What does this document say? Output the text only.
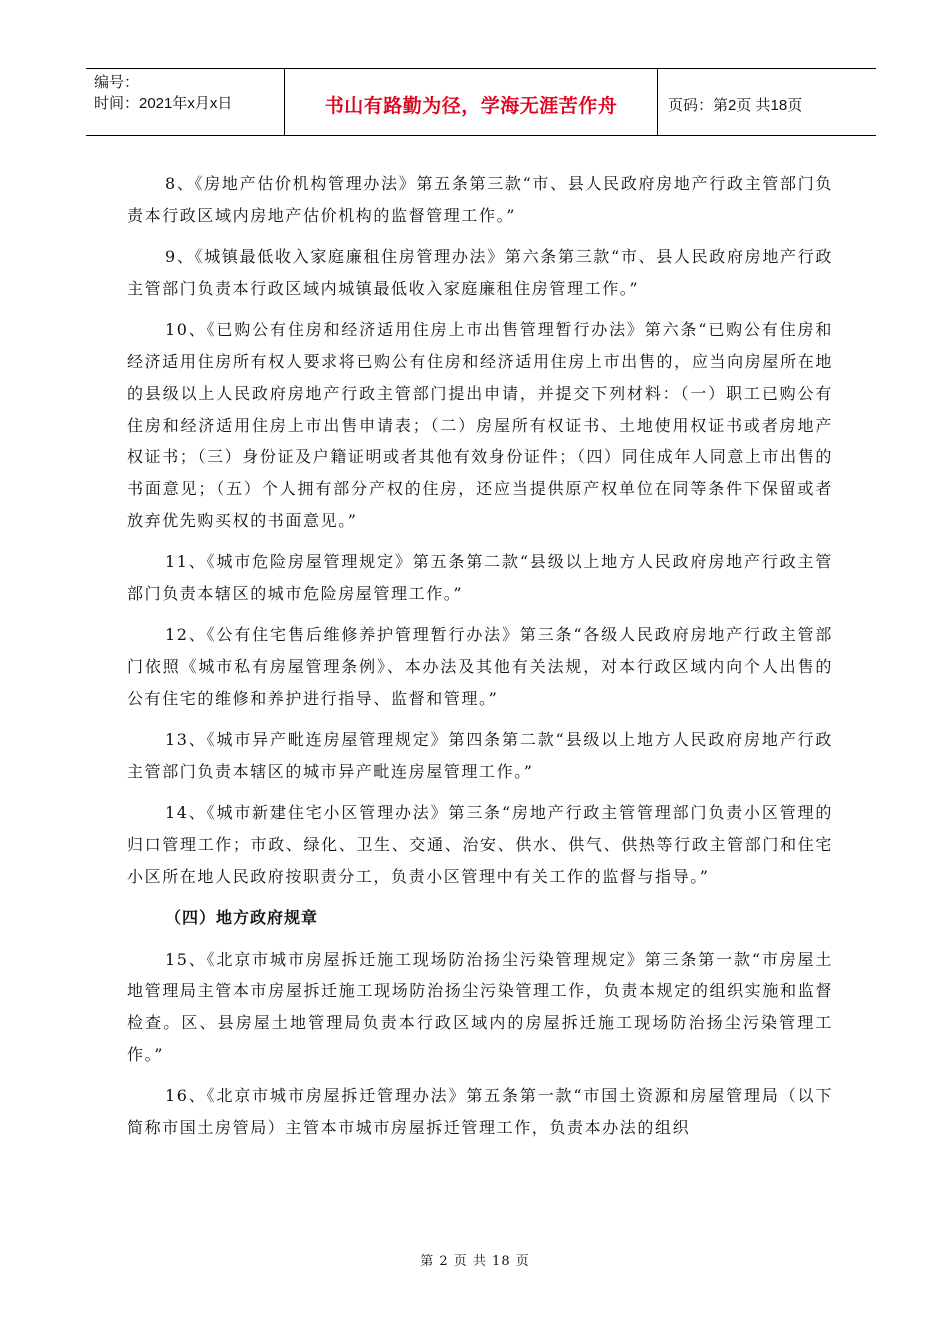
编号：
时间：2021年x月x日	书山有路勤为径，学海无涯苦作舟	页码：第2页 共18页

8、《房地产估价机构管理办法》第五条第三款“市、县人民政府房地产行政主管部门负责本行政区域内房地产估价机构的监督管理工作。”

9、《城镇最低收入家庭廉租住房管理办法》第六条第三款“市、县人民政府房地产行政主管部门负责本行政区域内城镇最低收入家庭廉租住房管理工作。”

10、《已购公有住房和经济适用住房上市出售管理暂行办法》第六条“已购公有住房和经济适用住房所有权人要求将已购公有住房和经济适用住房上市出售的，应当向房屋所在地的县级以上人民政府房地产行政主管部门提出申请，并提交下列材料：（一）职工已购公有住房和经济适用住房上市出售申请表；（二）房屋所有权证书、土地使用权证书或者房地产权证书；（三）身份证及户籍证明或者其他有效身份证件；（四）同住成年人同意上市出售的书面意见；（五）个人拥有部分产权的住房，还应当提供原产权单位在同等条件下保留或者放弃优先购买权的书面意见。”

11、《城市危险房屋管理规定》第五条第二款“县级以上地方人民政府房地产行政主管部门负责本辖区的城市危险房屋管理工作。”

12、《公有住宅售后维修养护管理暂行办法》第三条“各级人民政府房地产行政主管部门依照《城市私有房屋管理条例》、本办法及其他有关法规，对本行政区域内向个人出售的公有住宅的维修和养护进行指导、监督和管理。”

13、《城市异产毗连房屋管理规定》第四条第二款“县级以上地方人民政府房地产行政主管部门负责本辖区的城市异产毗连房屋管理工作。”

14、《城市新建住宅小区管理办法》第三条“房地产行政主管管理部门负责小区管理的归口管理工作；市政、绿化、卫生、交通、治安、供水、供气、供热等行政主管部门和住宅小区所在地人民政府按职责分工，负责小区管理中有关工作的监督与指导。”

（四）地方政府规章

15、《北京市城市房屋拆迁施工现场防治扬尘污染管理规定》第三条第一款“市房屋土地管理局主管本市房屋拆迁施工现场防治扬尘污染管理工作，负责本规定的组织实施和监督检查。区、县房屋土地管理局负责本行政区域内的房屋拆迁施工现场防治扬尘污染管理工作。”

16、《北京市城市房屋拆迁管理办法》第五条第一款“市国土资源和房屋管理局（以下简称市国土房管局）主管本市城市房屋拆迁管理工作，负责本办法的组织

第 2 页 共 18 页
